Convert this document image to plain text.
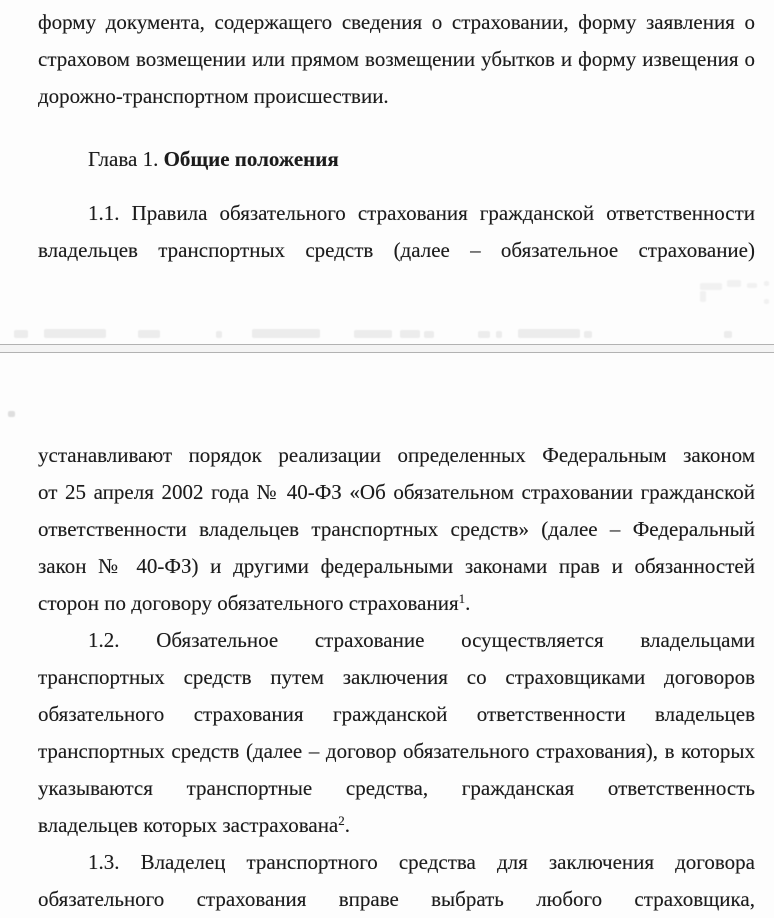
форму документа, содержащего сведения о страховании, форму заявления о
страховом возмещении или прямом возмещении убытков и форму извещения о
дорожно-транспортном происшествии.
Глава 1. Общие положения
1.1. Правила обязательного страхования гражданской ответственности
владельцев транспортных средств (далее – обязательное страхование)
устанавливают порядок реализации определенных Федеральным законом
от 25 апреля 2002 года № 40-ФЗ «Об обязательном страховании гражданской
ответственности владельцев транспортных средств» (далее – Федеральный
закон № 40-ФЗ) и другими федеральными законами прав и обязанностей
сторон по договору обязательного страхования$^1$.
1.2. Обязательное страхование осуществляется владельцами
транспортных средств путем заключения со страховщиками договоров
обязательного страхования гражданской ответственности владельцев
транспортных средств (далее – договор обязательного страхования), в которых
указываются транспортные средства, гражданская ответственность
владельцев которых застрахована$^2$.
1.3. Владелец транспортного средства для заключения договора
обязательного страхования вправе выбрать любого страховщика,
